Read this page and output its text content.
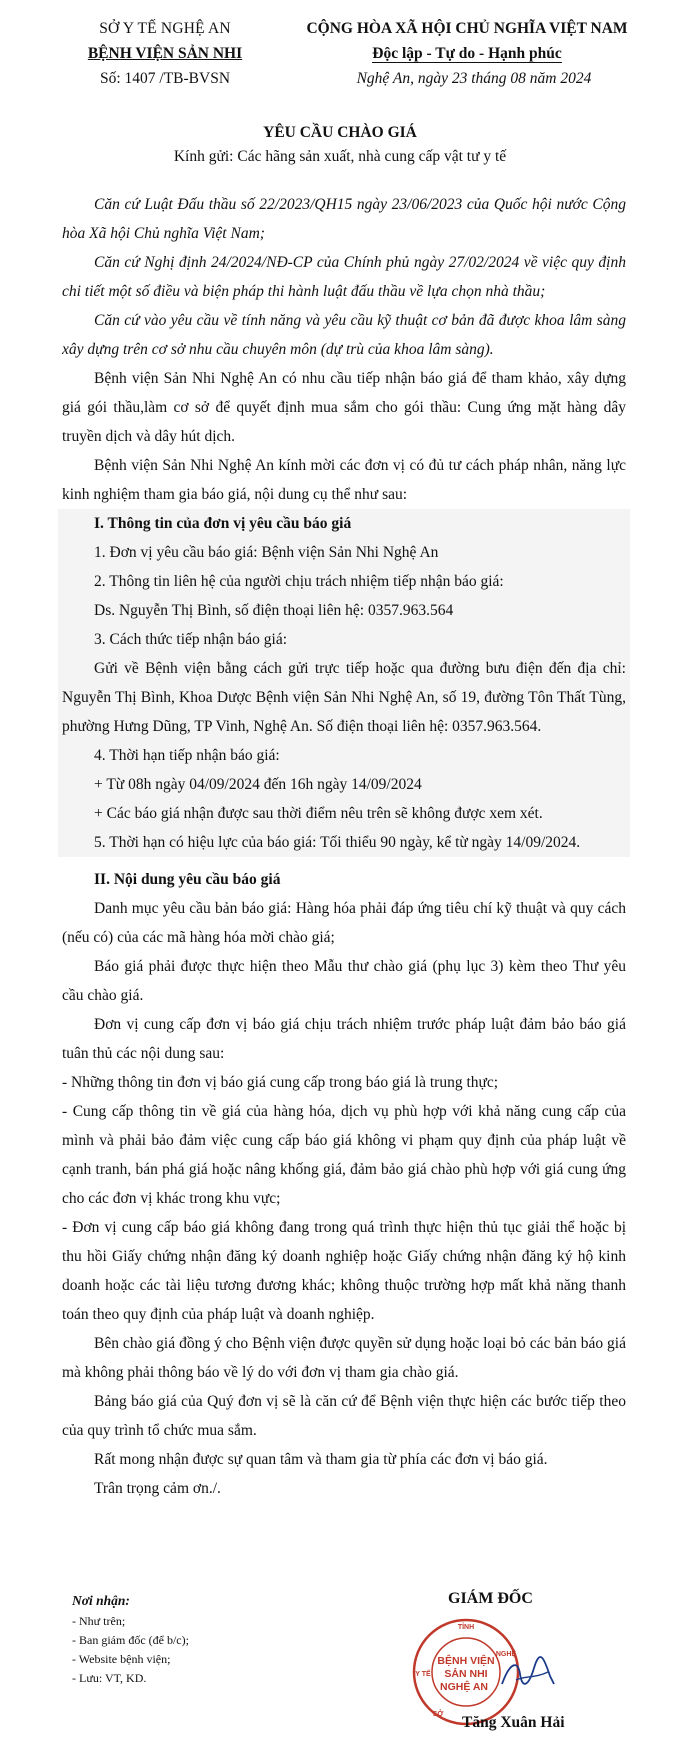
SỞ Y TẾ NGHỆ AN
BỆNH VIỆN SẢN NHI
Số: 1407 /TB-BVSN
CỘNG HÒA XÃ HỘI CHỦ NGHĨA VIỆT NAM
Độc lập - Tự do - Hạnh phúc
Nghệ An, ngày 23 tháng 08 năm 2024
YÊU CẦU CHÀO GIÁ
Kính gửi: Các hãng sản xuất, nhà cung cấp vật tư y tế

Căn cứ Luật Đấu thầu số 22/2023/QH15 ngày 23/06/2023 của Quốc hội nước Cộng hòa Xã hội Chủ nghĩa Việt Nam;

Căn cứ Nghị định 24/2024/NĐ-CP của Chính phủ ngày 27/02/2024 về việc quy định chi tiết một số điều và biện pháp thi hành luật đấu thầu về lựa chọn nhà thầu;

Căn cứ vào yêu cầu về tính năng và yêu cầu kỹ thuật cơ bản đã được khoa lâm sàng xây dựng trên cơ sở nhu cầu chuyên môn (dự trù của khoa lâm sàng).

Bệnh viện Sản Nhi Nghệ An có nhu cầu tiếp nhận báo giá để tham khảo, xây dựng giá gói thầu,làm cơ sở để quyết định mua sắm cho gói thầu: Cung ứng mặt hàng dây truyền dịch và dây hút dịch.

Bệnh viện Sản Nhi Nghệ An kính mời các đơn vị có đủ tư cách pháp nhân, năng lực kinh nghiệm tham gia báo giá, nội dung cụ thể như sau:

I. Thông tin của đơn vị yêu cầu báo giá

1. Đơn vị yêu cầu báo giá: Bệnh viện Sản Nhi Nghệ An

2. Thông tin liên hệ của người chịu trách nhiệm tiếp nhận báo giá:

Ds. Nguyễn Thị Bình, số điện thoại liên hệ: 0357.963.564

3. Cách thức tiếp nhận báo giá:

Gửi về Bệnh viện bằng cách gửi trực tiếp hoặc qua đường bưu điện đến địa chỉ: Nguyễn Thị Bình, Khoa Dược Bệnh viện Sản Nhi Nghệ An, số 19, đường Tôn Thất Tùng, phường Hưng Dũng, TP Vinh, Nghệ An. Số điện thoại liên hệ: 0357.963.564.

4. Thời hạn tiếp nhận báo giá:

+ Từ 08h ngày 04/09/2024 đến 16h ngày 14/09/2024

+ Các báo giá nhận được sau thời điểm nêu trên sẽ không được xem xét.

5. Thời hạn có hiệu lực của báo giá: Tối thiểu 90 ngày, kể từ ngày 14/09/2024.

II. Nội dung yêu cầu báo giá

Danh mục yêu cầu bản báo giá: Hàng hóa phải đáp ứng tiêu chí kỹ thuật và quy cách (nếu có) của các mã hàng hóa mời chào giá;

Báo giá phải được thực hiện theo Mẫu thư chào giá (phụ lục 3) kèm theo Thư yêu cầu chào giá.

Đơn vị cung cấp đơn vị báo giá chịu trách nhiệm trước pháp luật đảm bảo báo giá tuân thủ các nội dung sau:

- Những thông tin đơn vị báo giá cung cấp trong báo giá là trung thực;

- Cung cấp thông tin về giá của hàng hóa, dịch vụ phù hợp với khả năng cung cấp của mình và phải bảo đảm việc cung cấp báo giá không vi phạm quy định của pháp luật về cạnh tranh, bán phá giá hoặc nâng khống giá, đảm bảo giá chào phù hợp với giá cung ứng cho các đơn vị khác trong khu vực;

- Đơn vị cung cấp báo giá không đang trong quá trình thực hiện thủ tục giải thể hoặc bị thu hồi Giấy chứng nhận đăng ký doanh nghiệp hoặc Giấy chứng nhận đăng ký hộ kinh doanh hoặc các tài liệu tương đương khác; không thuộc trường hợp mất khả năng thanh toán theo quy định của pháp luật và doanh nghiệp.

Bên chào giá đồng ý cho Bệnh viện được quyền sử dụng hoặc loại bỏ các bản báo giá mà không phải thông báo về lý do với đơn vị tham gia chào giá.

Bảng báo giá của Quý đơn vị sẽ là căn cứ để Bệnh viện thực hiện các bước tiếp theo của quy trình tổ chức mua sắm.

Rất mong nhận được sự quan tâm và tham gia từ phía các đơn vị báo giá.

Trân trọng cảm ơn./.

Nơi nhận:
- Như trên;
- Ban giám đốc (để b/c);
- Website bệnh viện;
- Lưu: VT, KD.
GIÁM ĐỐC
BỆNH VIỆN
SẢN NHI
NGHỆ AN
TỈNH
Y TẾ
SỞ
NGHỆ
Tăng Xuân Hải
